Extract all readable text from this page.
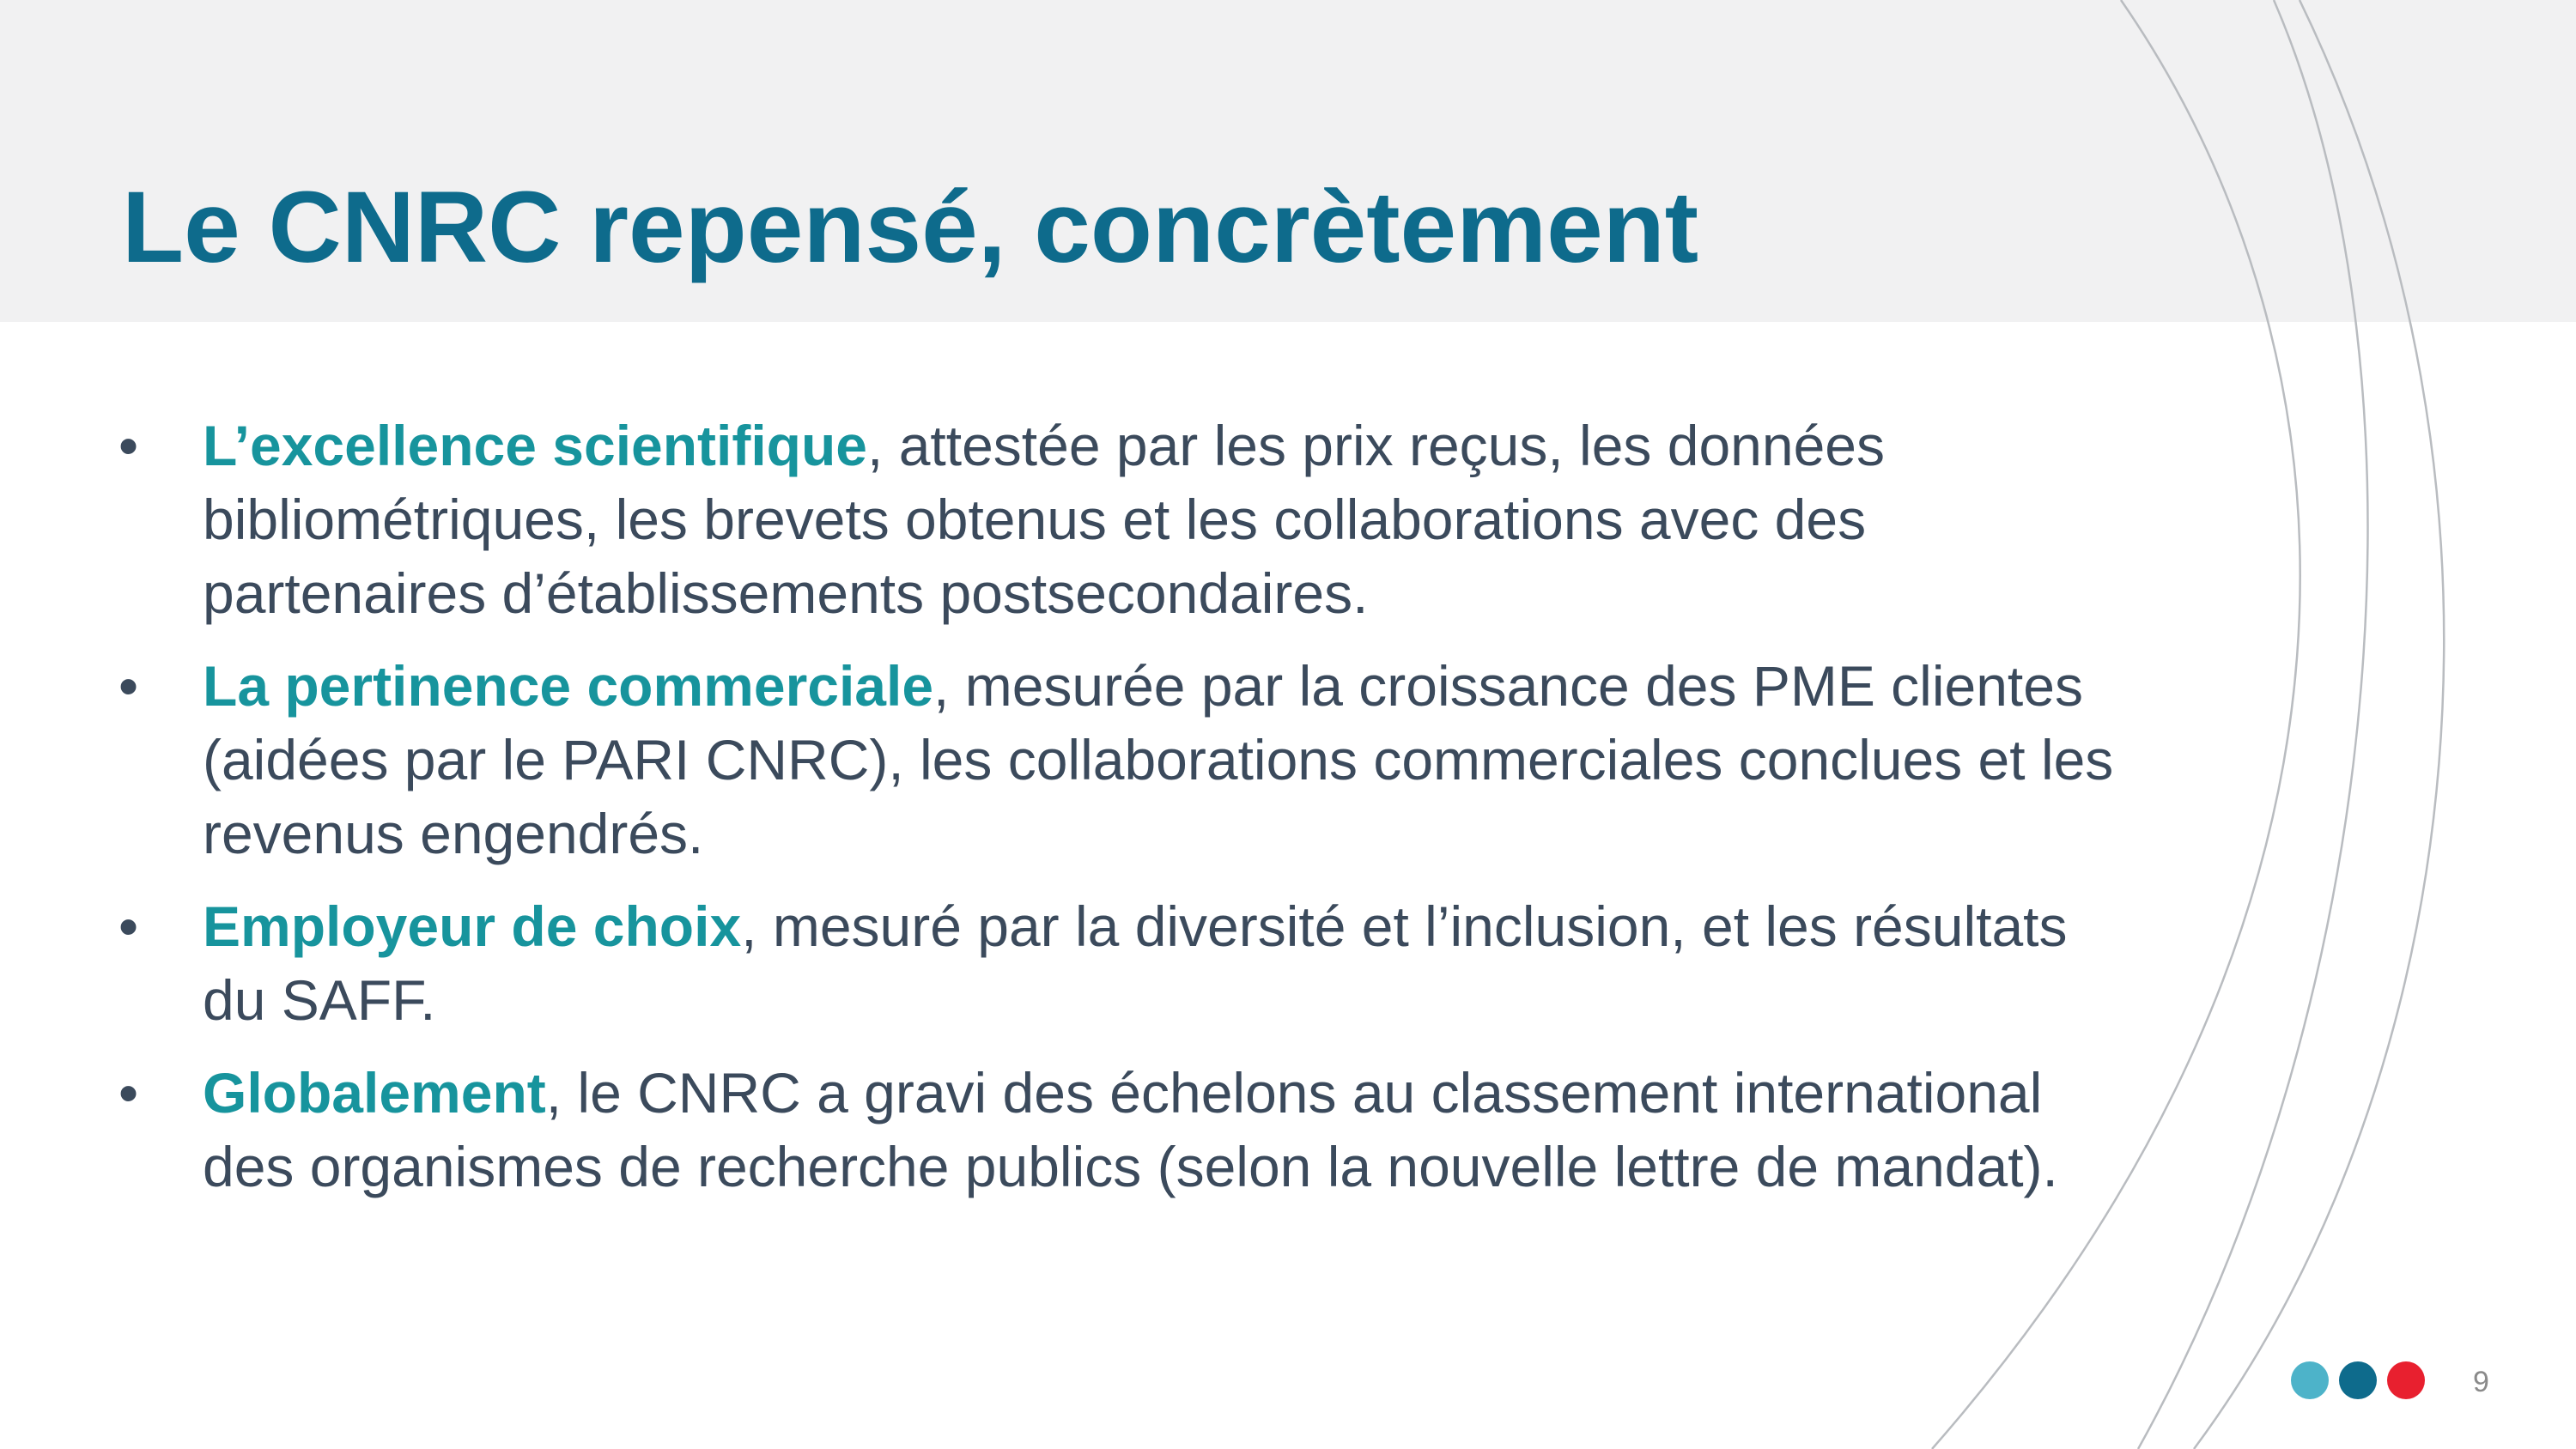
Le CNRC repensé, concrètement
• L’excellence scientifique, attestée par les prix reçus, les données bibliométriques, les brevets obtenus et les collaborations avec des partenaires d’établissements postsecondaires.
• La pertinence commerciale, mesurée par la croissance des PME clientes (aidées par le PARI CNRC), les collaborations commerciales conclues et les revenus engendrés.
• Employeur de choix, mesuré par la diversité et l’inclusion, et les résultats du SAFF.
• Globalement, le CNRC a gravi des échelons au classement international des organismes de recherche publics (selon la nouvelle lettre de mandat).
9
